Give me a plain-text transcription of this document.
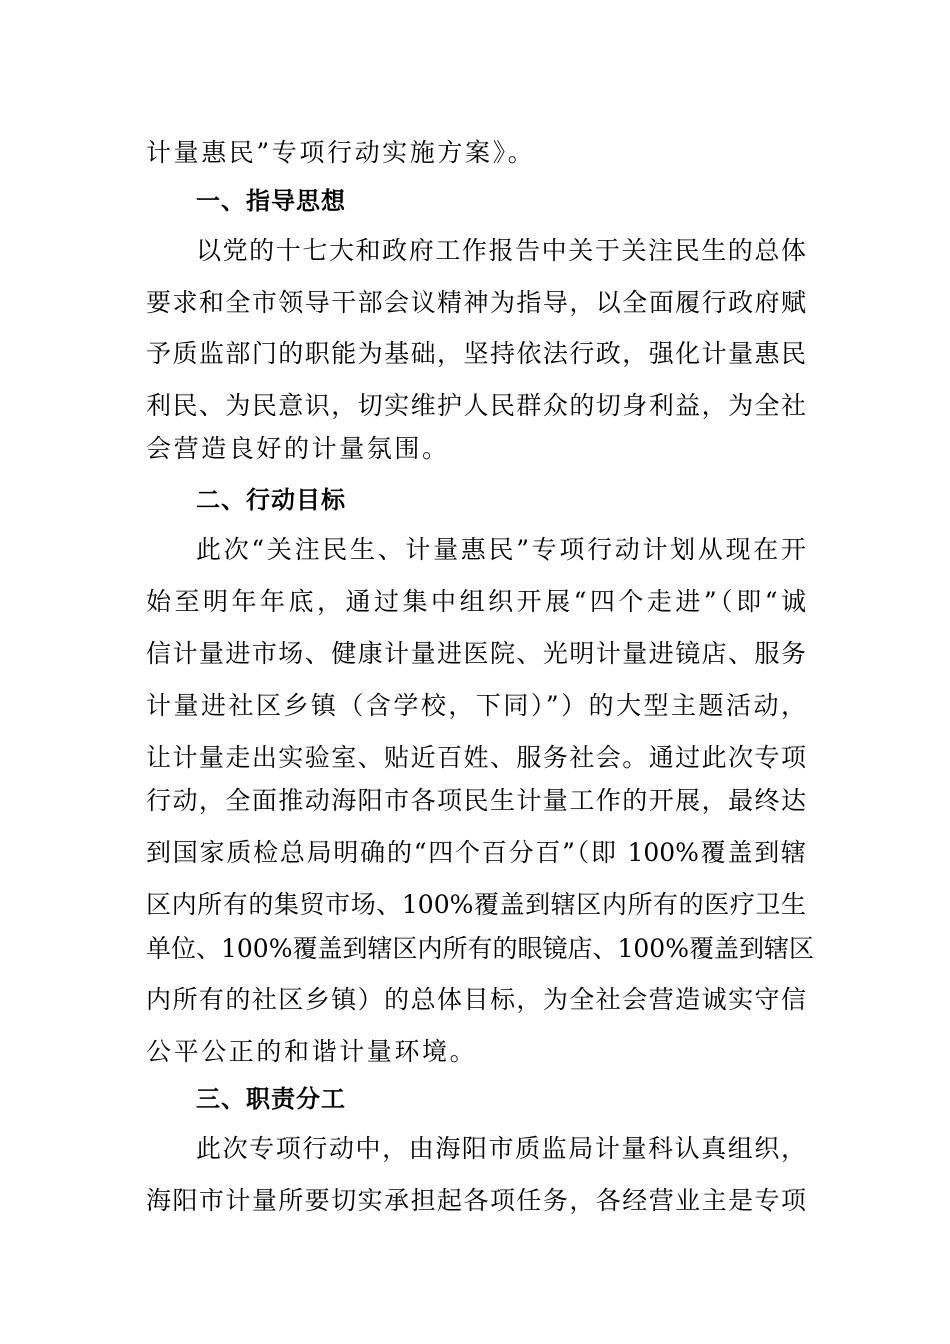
计量惠民”专项行动实施方案》。
一、指导思想
以党的十七大和政府工作报告中关于关注民生的总体
要求和全市领导干部会议精神为指导，以全面履行政府赋
予质监部门的职能为基础，坚持依法行政，强化计量惠民
利民、为民意识，切实维护人民群众的切身利益，为全社
会营造良好的计量氛围。
二、行动目标
此次“关注民生、计量惠民”专项行动计划从现在开
始至明年年底，通过集中组织开展“四个走进”（即“诚
信计量进市场、健康计量进医院、光明计量进镜店、服务
计量进社区乡镇（含学校，下同）”）的大型主题活动，
让计量走出实验室、贴近百姓、服务社会。通过此次专项
行动，全面推动海阳市各项民生计量工作的开展，最终达
到国家质检总局明确的“四个百分百”（即 100%覆盖到辖
区内所有的集贸市场、100%覆盖到辖区内所有的医疗卫生
单位、100%覆盖到辖区内所有的眼镜店、100%覆盖到辖区
内所有的社区乡镇）的总体目标，为全社会营造诚实守信
公平公正的和谐计量环境。
三、职责分工
此次专项行动中，由海阳市质监局计量科认真组织，
海阳市计量所要切实承担起各项任务，各经营业主是专项
